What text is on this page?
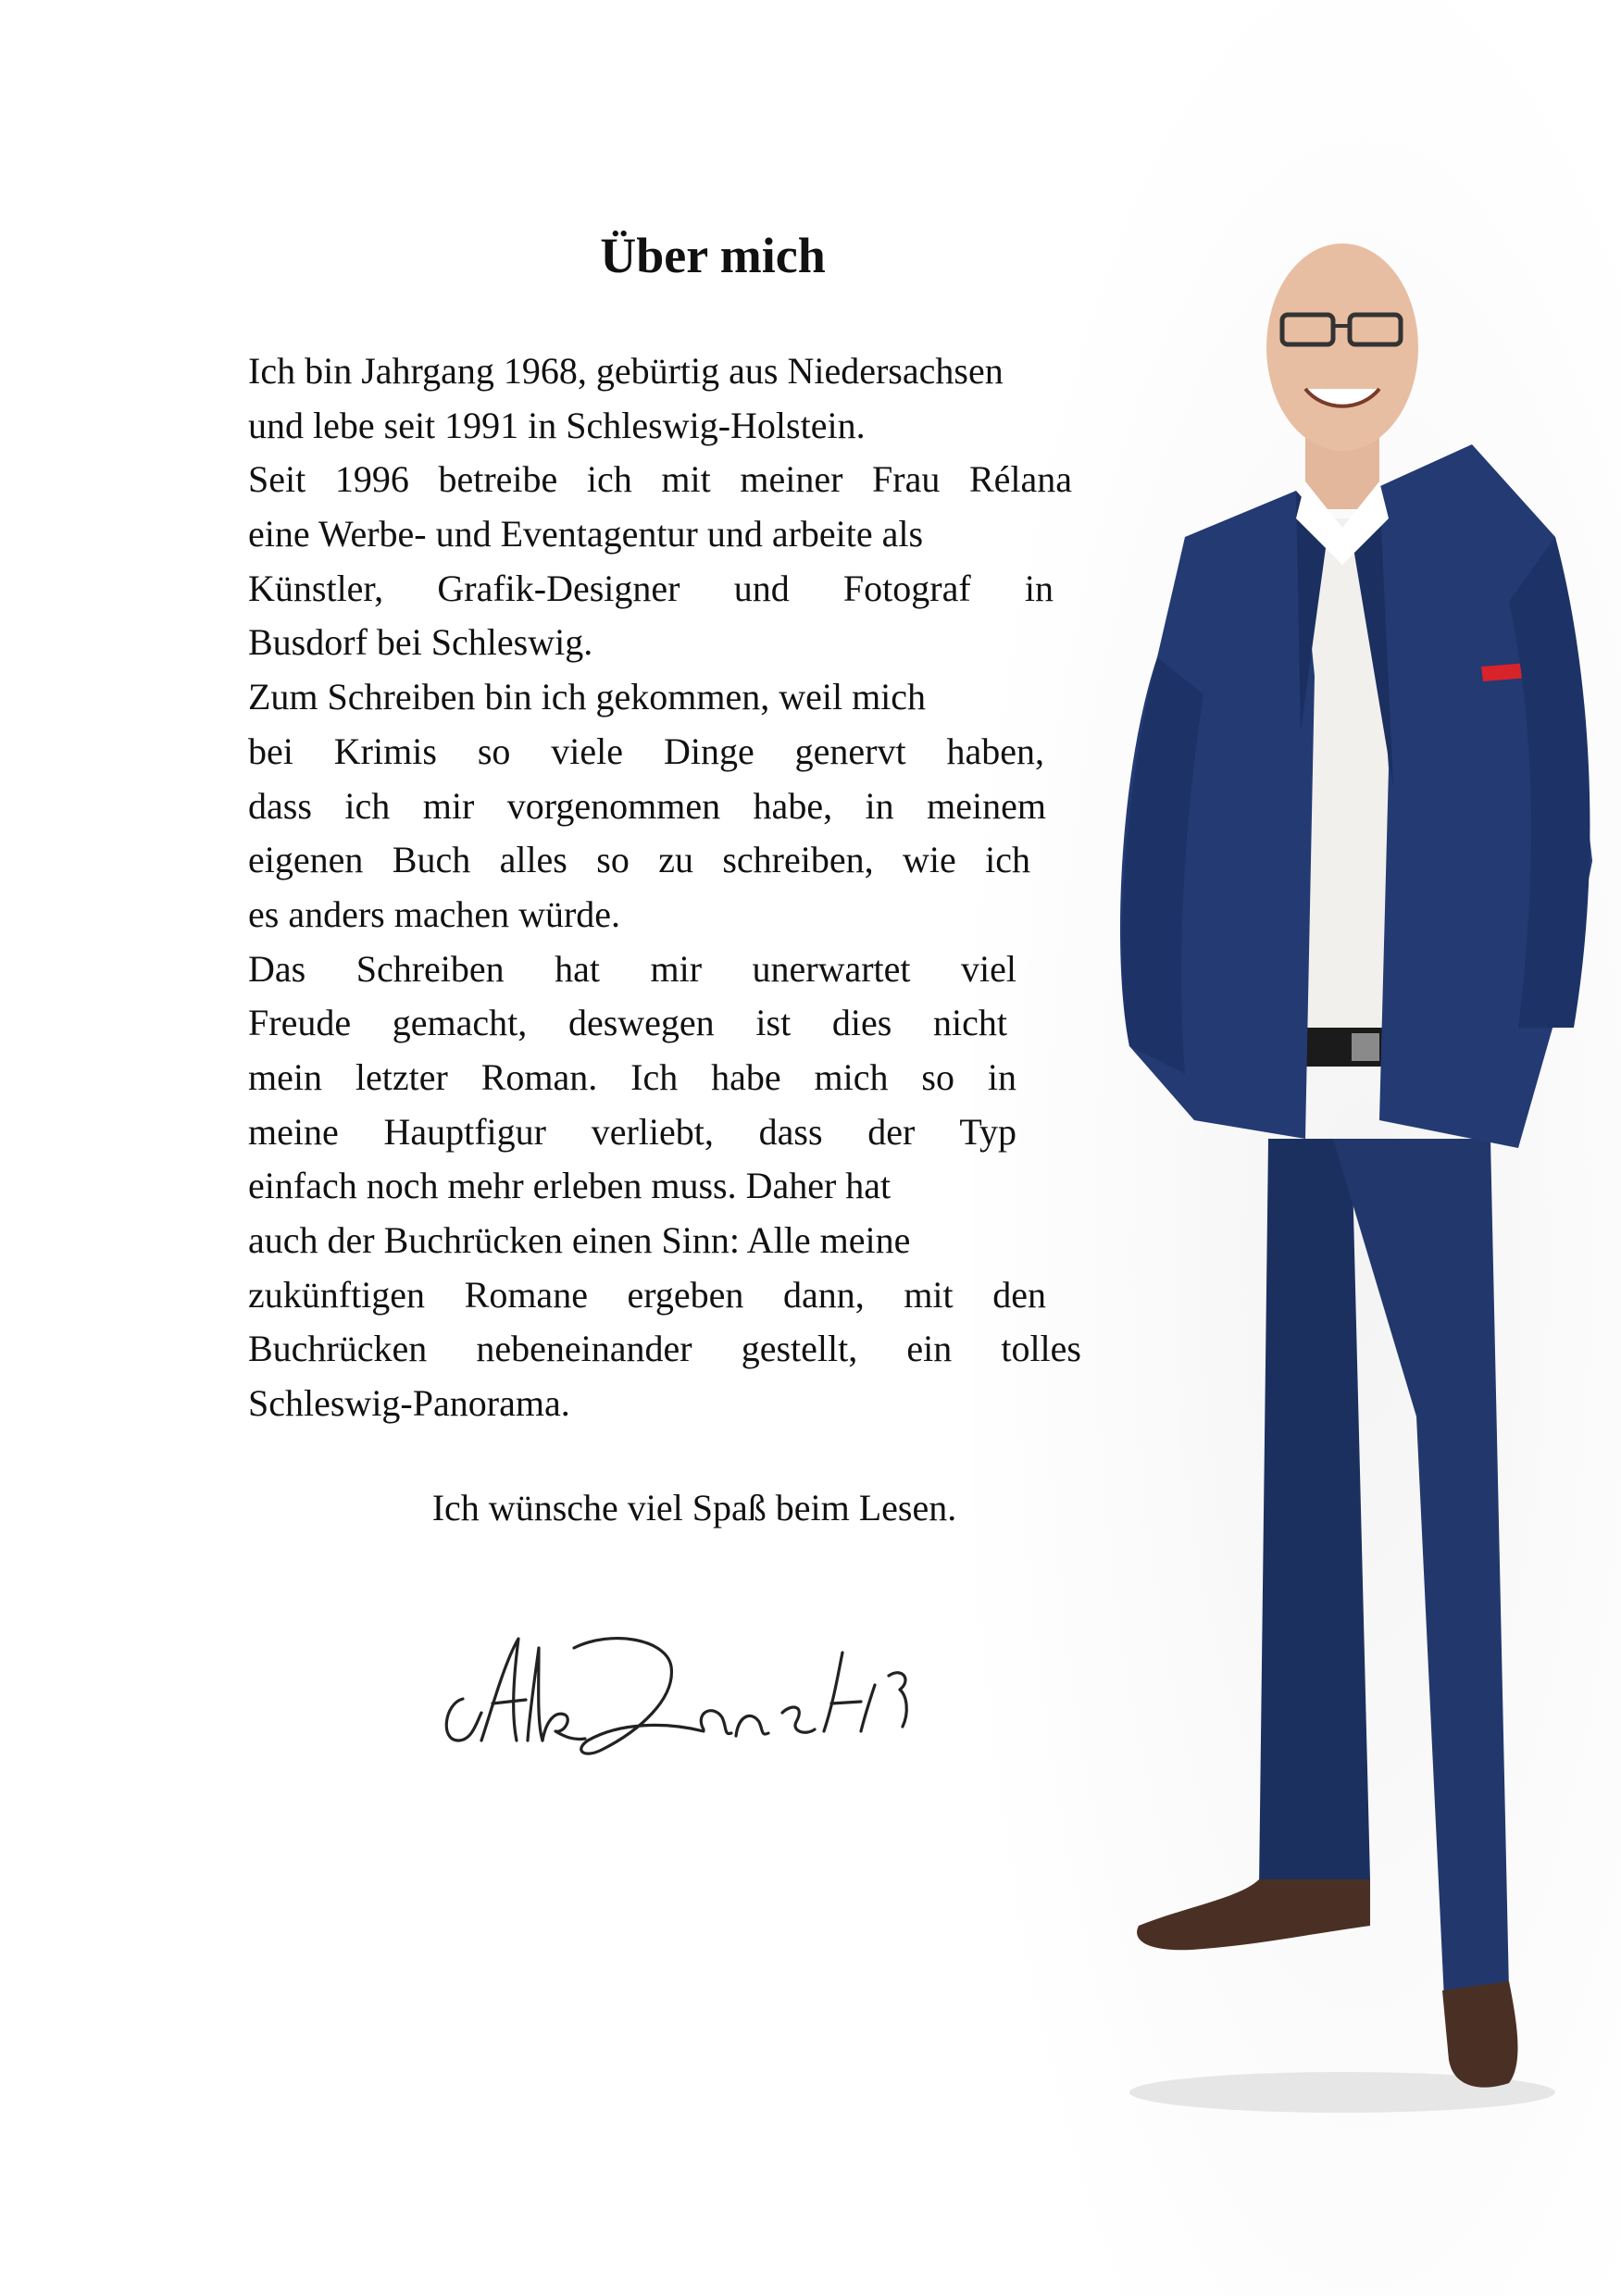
Über mich
Ich bin Jahrgang 1968, gebürtig aus Niedersachsen
und lebe seit 1991 in Schleswig-Holstein.
Seit 1996 betreibe ich mit meiner Frau Rélana
eine Werbe- und Eventagentur und arbeite als
Künstler, Grafik-Designer und Fotograf in
Busdorf bei Schleswig.
Zum Schreiben bin ich gekommen, weil mich
bei Krimis so viele Dinge genervt haben,
dass ich mir vorgenommen habe, in meinem
eigenen Buch alles so zu schreiben, wie ich
es anders machen würde.
Das Schreiben hat mir unerwartet viel
Freude gemacht, deswegen ist dies nicht
mein letzter Roman. Ich habe mich so in
meine Hauptfigur verliebt, dass der Typ
einfach noch mehr erleben muss. Daher hat
auch der Buchrücken einen Sinn: Alle meine
zukünftigen Romane ergeben dann, mit den
Buchrücken nebeneinander gestellt, ein tolles
Schleswig-Panorama.

Ich wünsche viel Spaß beim Lesen.
